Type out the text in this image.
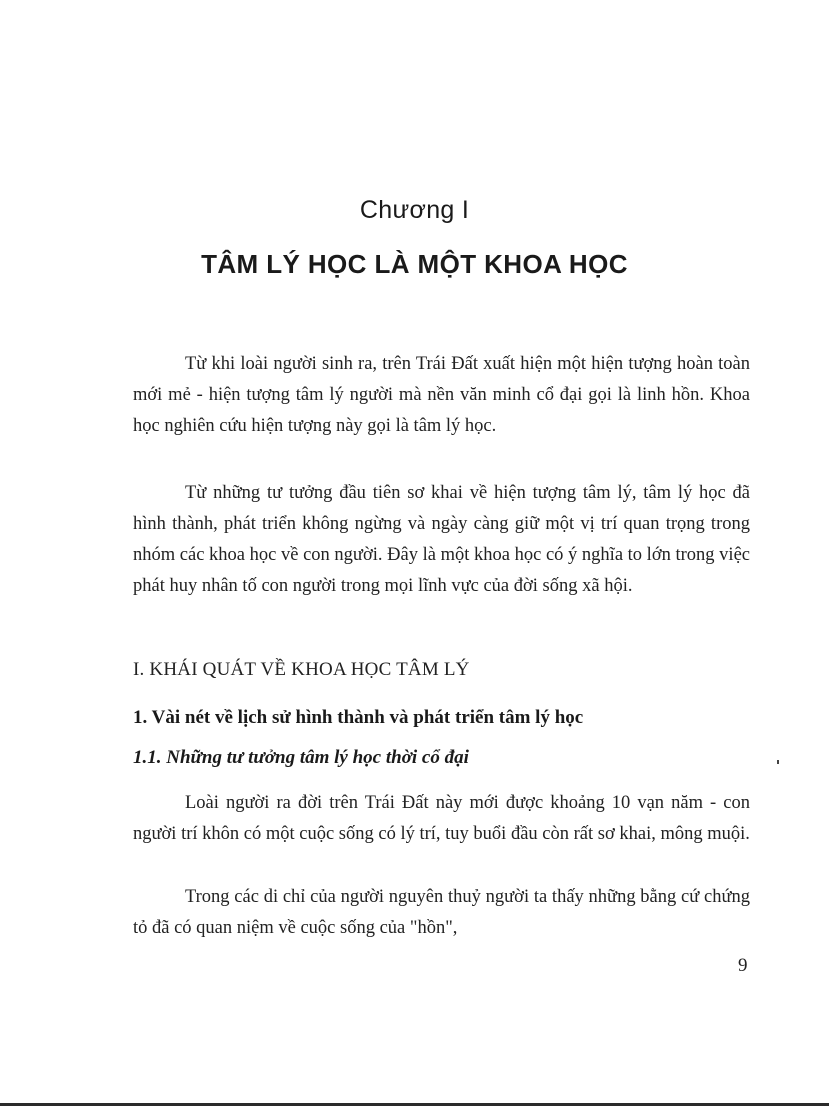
Chương I
TÂM LÝ HỌC LÀ MỘT KHOA HỌC

Từ khi loài người sinh ra, trên Trái Đất xuất hiện một hiện tượng hoàn toàn mới mẻ - hiện tượng tâm lý người mà nền văn minh cổ đại gọi là linh hồn. Khoa học nghiên cứu hiện tượng này gọi là tâm lý học.

Từ những tư tưởng đầu tiên sơ khai về hiện tượng tâm lý, tâm lý học đã hình thành, phát triển không ngừng và ngày càng giữ một vị trí quan trọng trong nhóm các khoa học về con người. Đây là một khoa học có ý nghĩa to lớn trong việc phát huy nhân tố con người trong mọi lĩnh vực của đời sống xã hội.

I. KHÁI QUÁT VỀ KHOA HỌC TÂM LÝ
1. Vài nét về lịch sử hình thành và phát triển tâm lý học
1.1. Những tư tưởng tâm lý học thời cổ đại

Loài người ra đời trên Trái Đất này mới được khoảng 10 vạn năm - con người trí khôn có một cuộc sống có lý trí, tuy buổi đầu còn rất sơ khai, mông muội.

Trong các di chỉ của người nguyên thuỷ người ta thấy những bằng cứ chứng tỏ đã có quan niệm về cuộc sống của "hồn",

9
